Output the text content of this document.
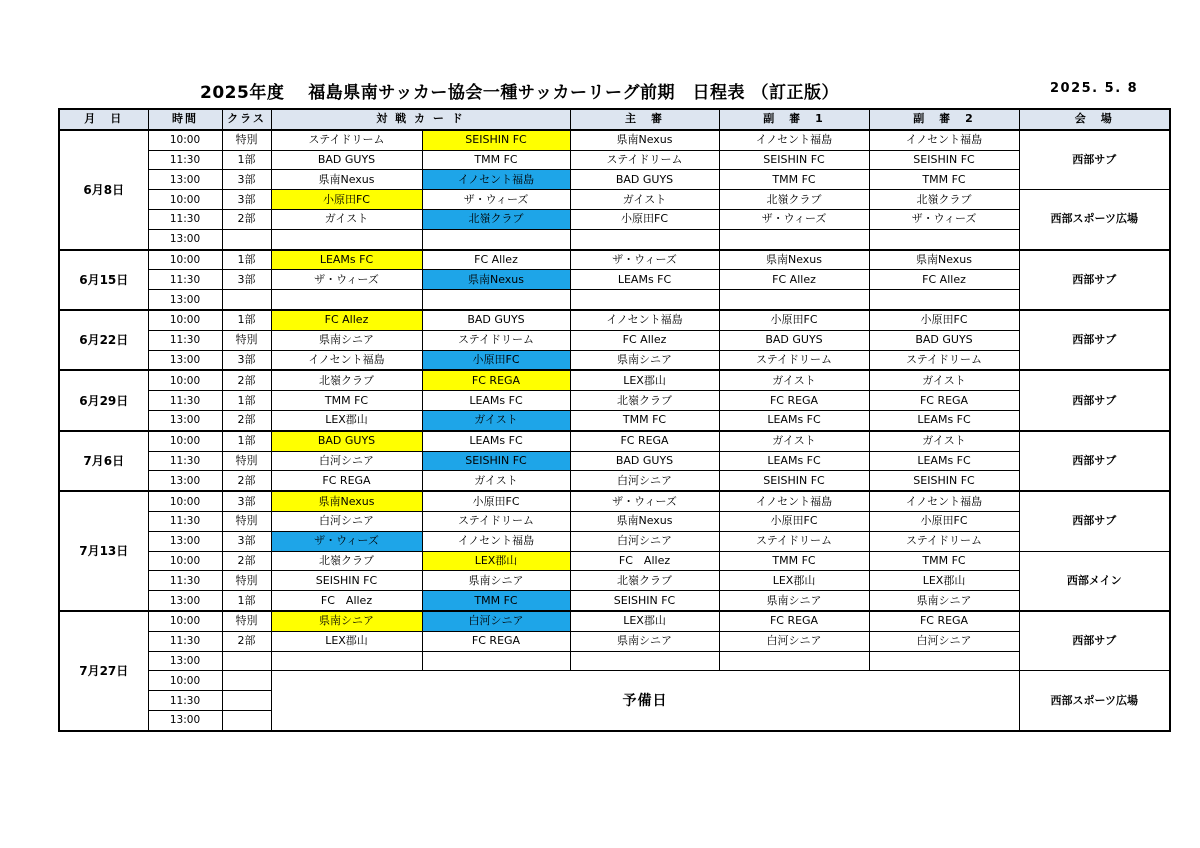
2025年度　 福島県南サッカー協会一種サッカーリーグ前期　日程表 （訂正版）	2025. 5. 8
月　日	時間	クラス	対 戦 カ ー ド		主　審	副　審　1	副　審　2	会　場
6月8日	10:00	特別	ステイドリーム	SEISHIN FC	県南Nexus	イノセント福島	イノセント福島	西部サブ
	11:30	1部	BAD GUYS	TMM FC	ステイドリーム	SEISHIN FC	SEISHIN FC	
	13:00	3部	県南Nexus	イノセント福島	BAD GUYS	TMM FC	TMM FC	
	10:00	3部	小原田FC	ザ・ウィーズ	ガイスト	北嶺クラブ	北嶺クラブ	西部スポーツ広場
	11:30	2部	ガイスト	北嶺クラブ	小原田FC	ザ・ウィーズ	ザ・ウィーズ	
	13:00							
6月15日	10:00	1部	LEAMs FC	FC Allez	ザ・ウィーズ	県南Nexus	県南Nexus	西部サブ
	11:30	3部	ザ・ウィーズ	県南Nexus	LEAMs FC	FC Allez	FC Allez	
	13:00							
6月22日	10:00	1部	FC Allez	BAD GUYS	イノセント福島	小原田FC	小原田FC	西部サブ
	11:30	特別	県南シニア	ステイドリーム	FC Allez	BAD GUYS	BAD GUYS	
	13:00	3部	イノセント福島	小原田FC	県南シニア	ステイドリーム	ステイドリーム	
6月29日	10:00	2部	北嶺クラブ	FC REGA	LEX郡山	ガイスト	ガイスト	西部サブ
	11:30	1部	TMM FC	LEAMs FC	北嶺クラブ	FC REGA	FC REGA	
	13:00	2部	LEX郡山	ガイスト	TMM FC	LEAMs FC	LEAMs FC	
7月6日	10:00	1部	BAD GUYS	LEAMs FC	FC REGA	ガイスト	ガイスト	西部サブ
	11:30	特別	白河シニア	SEISHIN FC	BAD GUYS	LEAMs FC	LEAMs FC	
	13:00	2部	FC REGA	ガイスト	白河シニア	SEISHIN FC	SEISHIN FC	
7月13日	10:00	3部	県南Nexus	小原田FC	ザ・ウィーズ	イノセント福島	イノセント福島	西部サブ
	11:30	特別	白河シニア	ステイドリーム	県南Nexus	小原田FC	小原田FC	
	13:00	3部	ザ・ウィーズ	イノセント福島	白河シニア	ステイドリーム	ステイドリーム	
	10:00	2部	北嶺クラブ	LEX郡山	FC　Allez	TMM FC	TMM FC	西部メイン
	11:30	特別	SEISHIN FC	県南シニア	北嶺クラブ	LEX郡山	LEX郡山	
	13:00	1部	FC　Allez	TMM FC	SEISHIN FC	県南シニア	県南シニア	
7月27日	10:00	特別	県南シニア	白河シニア	LEX郡山	FC REGA	FC REGA	西部サブ
	11:30	2部	LEX郡山	FC REGA	県南シニア	白河シニア	白河シニア	
	13:00							
	10:00		予備日					西部スポーツ広場
	11:30							
	13:00							
